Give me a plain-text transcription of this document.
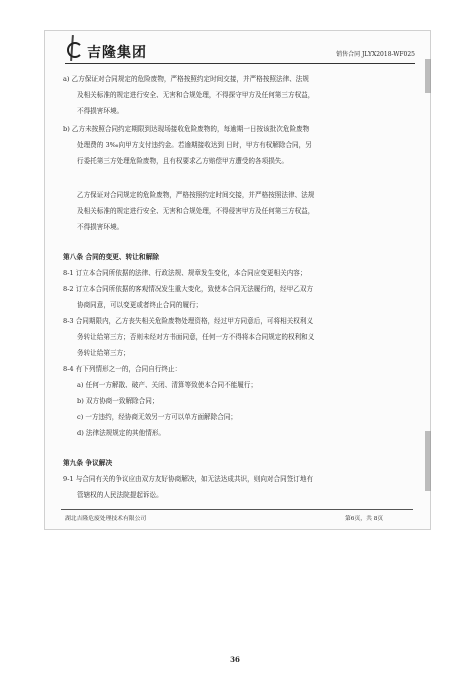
吉隆集团	销售合同 JLYX2018-WF025
a) 乙方保证对合同规定的危险废物，严格按照约定时间交接，并严格按照法律、法规
及相关标准的规定进行安全、无害和合规处理，不得探守甲方及任何第三方权益，
不得损害环境。
b) 乙方未按照合同约定期限到达现场接收危险废物的，每逾期一日按该批次危险废物
处理费的 3‰向甲方支付违约金。若逾期接收达到 日时，甲方有权解除合同，另
行委托第三方处理危险废物，且有权要求乙方赔偿甲方遭受的各项损失。
乙方保证对合同规定的危险废物，严格按照约定时间交接，并严格按照法律、法规
及相关标准的规定进行安全、无害和合规处理，不得侵害甲方及任何第三方权益，
不得损害环境。
第八条 合同的变更、转让和解除
8-1 订立本合同所依据的法律、行政法规、规章发生变化，本合同应变更相关内容；
8-2 订立本合同所依据的客观情况发生重大变化，致使本合同无法履行的，经甲乙双方
协商同意，可以变更或者终止合同的履行；
8-3 合同期限内，乙方丧失相关危险废物处理资格，经过甲方同意后，可将相关权利义
务转让给第三方；否则未经对方书面同意，任何一方不得将本合同规定的权利和义
务转让给第三方；
8-4 有下列情形之一的，合同自行终止：
a) 任何一方解散、破产、关闭、清算等致使本合同不能履行；
b) 双方协商一致解除合同；
c) 一方违约，经协商无效另一方可以单方面解除合同；
d) 法律法规规定的其他情形。
第九条 争议解决
9-1 与合同有关的争议应由双方友好协商解决，如无法达成共识，则向对合同签订地有
管辖权的人民法院提起诉讼。
湖北吉隆危废处理技术有限公司	第6页，共 8页
36
